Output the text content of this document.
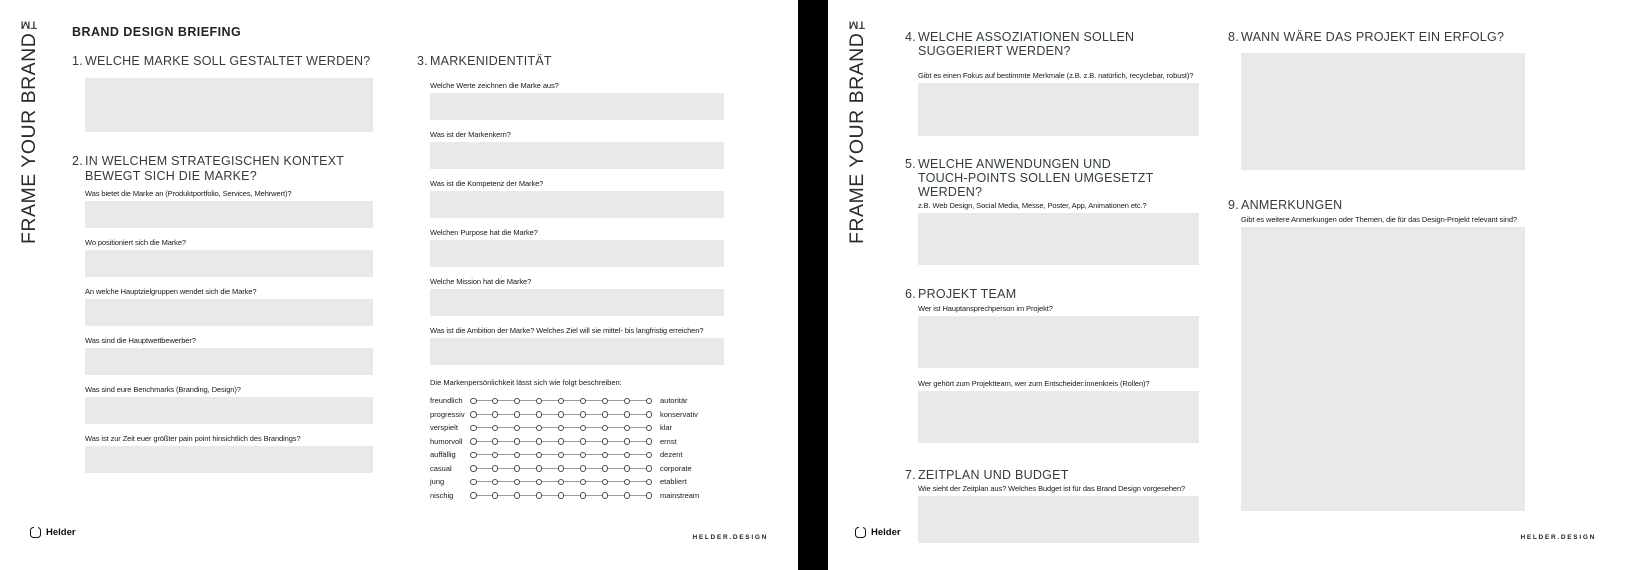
FRAME YOUR BRAND™	BRAND DESIGN BRIEFING
1. WELCHE MARKE SOLL GESTALTET WERDEN?
2. IN WELCHEM STRATEGISCHEN KONTEXT BEWEGT SICH DIE MARKE?
Was bietet die Marke an (Produktportfolio, Services, Mehrwert)?
Wo positioniert sich die Marke?
An welche Hauptzielgruppen wendet sich die Marke?
Was sind die Hauptwettbewerber?
Was sind eure Benchmarks (Branding, Design)?
Was ist zur Zeit euer größter pain point hinsichtlich des Brandings?
3. MARKENIDENTITÄT
Welche Werte zeichnen die Marke aus?
Was ist der Markenkern?
Was ist die Kompetenz der Marke?
Welchen Purpose hat die Marke?
Welche Mission hat die Marke?
Was ist die Ambition der Marke? Welches Ziel will sie mittel- bis langfristig erreichen?
Die Markenpersönlichkeit lässt sich wie folgt beschreiben:
freundlich	autoritär
progressiv	konservativ
verspielt	klar
humorvoll	ernst
auffällig	dezent
casual	corporate
jung	etabliert
nischig	mainstream
Helder	HELDER.DESIGN
FRAME YOUR BRAND™	4. WELCHE ASSOZIATIONEN SOLLEN SUGGERIERT WERDEN?
Gibt es einen Fokus auf bestimmte Merkmale (z.B. z.B. natürlich, recyclebar, robust)?
5. WELCHE ANWENDUNGEN UND TOUCH-POINTS SOLLEN UMGESETZT WERDEN?
z.B. Web Design, Social Media, Messe, Poster, App, Animationen etc.?
6. PROJEKT TEAM
Wer ist Hauptansprechperson im Projekt?
Wer gehört zum Projektteam, wer zum Entscheider:innenkreis (Rollen)?
7. ZEITPLAN UND BUDGET
Wie sieht der Zeitplan aus? Welches Budget ist für das Brand Design vorgesehen?
8. WANN WÄRE DAS PROJEKT EIN ERFOLG?
9. ANMERKUNGEN
Gibt es weitere Anmerkungen oder Themen, die für das Design-Projekt relevant sind?
Helder	HELDER.DESIGN
